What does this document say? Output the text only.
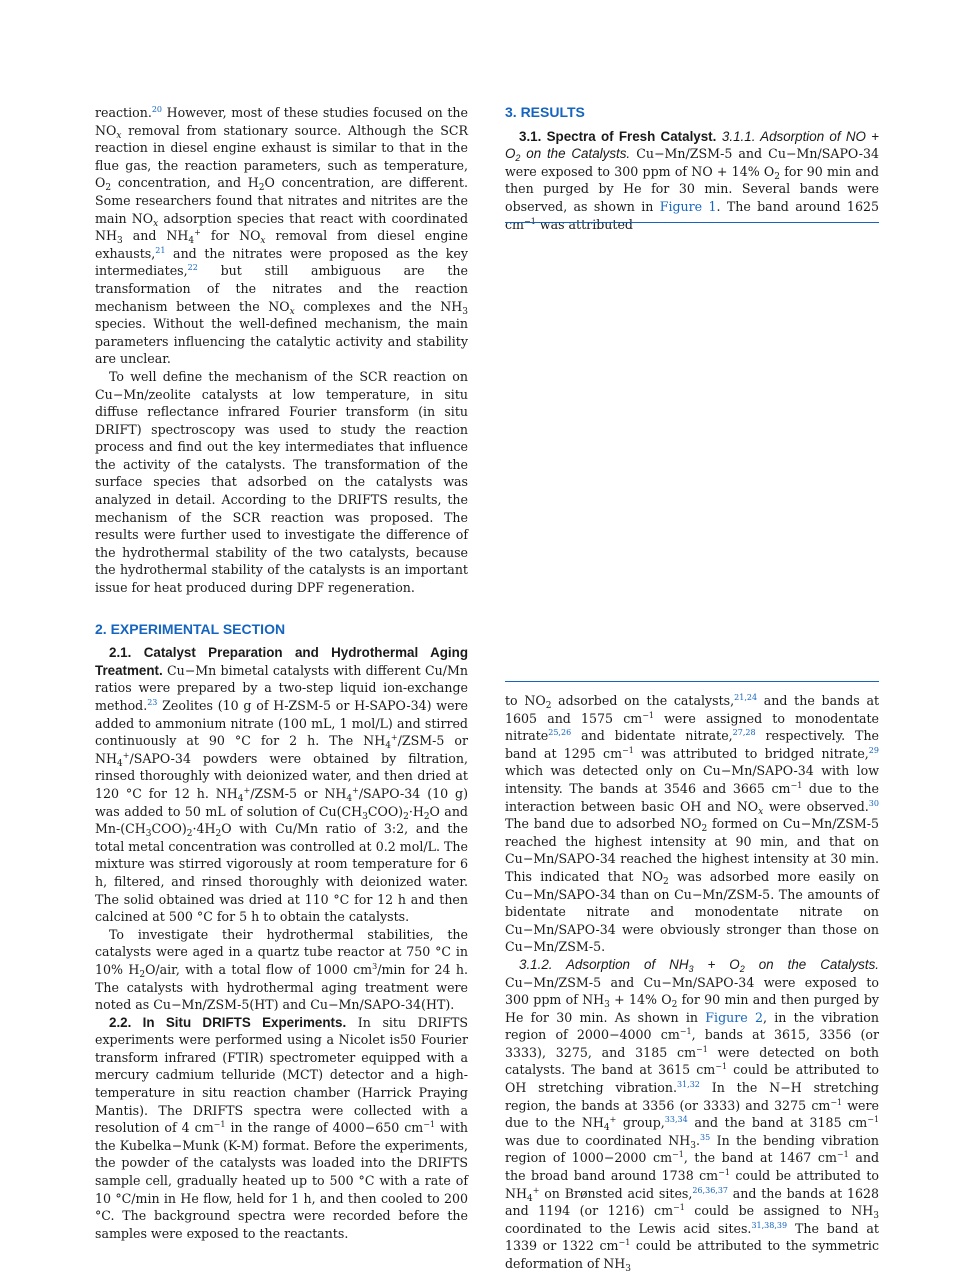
reaction.$^{20}$ However, most of these studies focused on the $NO_x$ removal from stationary source. Although the SCR reaction in diesel engine exhaust is similar to that in the flue gas, the reaction parameters, such as temperature, $O_2$ concentration, and $H_2O$ concentration, are different. Some researchers found that nitrates and nitrites are the main $NO_x$ adsorption species that react with coordinated $NH_3$ and $NH_4^+$ for $NO_x$ removal from diesel engine exhausts,$^{21}$ and the nitrates were proposed as the key intermediates,$^{22}$ but still ambiguous are the transformation of the nitrates and the reaction mechanism between the $NO_x$ complexes and the $NH_3$ species. Without the well-defined mechanism, the main parameters influencing the catalytic activity and stability are unclear.

To well define the mechanism of the SCR reaction on Cu−Mn/zeolite catalysts at low temperature, in situ diffuse reflectance infrared Fourier transform (in situ DRIFT) spectroscopy was used to study the reaction process and find out the key intermediates that influence the activity of the catalysts. The transformation of the surface species that adsorbed on the catalysts was analyzed in detail. According to the DRIFTS results, the mechanism of the SCR reaction was proposed. The results were further used to investigate the difference of the hydrothermal stability of the two catalysts, because the hydrothermal stability of the catalysts is an important issue for heat produced during DPF regeneration.

2. EXPERIMENTAL SECTION

2.1. Catalyst Preparation and Hydrothermal Aging Treatment. Cu−Mn bimetal catalysts with different Cu/Mn ratios were prepared by a two-step liquid ion-exchange method.$^{23}$ Zeolites (10 g of H-ZSM-5 or H-SAPO-34) were added to ammonium nitrate (100 mL, 1 mol/L) and stirred continuously at 90 °C for 2 h. The $NH_4^+/ZSM-5$ or $NH_4^+/SAPO-34$ powders were obtained by filtration, rinsed thoroughly with deionized water, and then dried at 120 °C for 12 h. $NH_4^+/ZSM-5$ or $NH_4^+/SAPO-34$ (10 g) was added to 50 mL of solution of $Cu(CH_3COO)_2\cdot H_2O$ and $Mn-(CH_3COO)_2\cdot 4H_2O$ with Cu/Mn ratio of 3:2, and the total metal concentration was controlled at 0.2 mol/L. The mixture was stirred vigorously at room temperature for 6 h, filtered, and rinsed thoroughly with deionized water. The solid obtained was dried at 110 °C for 12 h and then calcined at 500 °C for 5 h to obtain the catalysts.

To investigate their hydrothermal stabilities, the catalysts were aged in a quartz tube reactor at 750 °C in 10% $H_2O$/air, with a total flow of 1000 $cm^3/\min$ for 24 h. The catalysts with hydrothermal aging treatment were noted as Cu−Mn/ZSM-5(HT) and Cu−Mn/SAPO-34(HT).

2.2. In Situ DRIFTS Experiments. In situ DRIFTS experiments were performed using a Nicolet is50 Fourier transform infrared (FTIR) spectrometer equipped with a mercury cadmium telluride (MCT) detector and a high-temperature in situ reaction chamber (Harrick Praying Mantis). The DRIFTS spectra were collected with a resolution of 4 $cm^{-1}$ in the range of 4000−650 $cm^{-1}$ with the Kubelka−Munk (K-M) format. Before the experiments, the powder of the catalysts was loaded into the DRIFTS sample cell, gradually heated up to 500 °C with a rate of 10 °C/min in He flow, held for 1 h, and then cooled to 200 °C. The background spectra were recorded before the samples were exposed to the reactants.

3. RESULTS

3.1. Spectra of Fresh Catalyst. 3.1.1. Adsorption of NO + $O_2$ on the Catalysts. Cu−Mn/ZSM-5 and Cu−Mn/SAPO-34 were exposed to 300 ppm of NO + 14% $O_2$ for 90 min and then purged by He for 30 min. Several bands were observed, as shown in Figure 1. The band around 1625 $cm^{-1}$ was attributed

to $NO_2$ adsorbed on the catalysts,$^{21,24}$ and the bands at 1605 and 1575 $cm^{-1}$ were assigned to monodentate nitrate$^{25,26}$ and bidentate nitrate,$^{27,28}$ respectively. The band at 1295 $cm^{-1}$ was attributed to bridged nitrate,$^{29}$ which was detected only on Cu−Mn/SAPO-34 with low intensity. The bands at 3546 and 3665 $cm^{-1}$ due to the interaction between basic OH and $NO_x$ were observed.$^{30}$ The band due to adsorbed $NO_2$ formed on Cu−Mn/ZSM-5 reached the highest intensity at 90 min, and that on Cu−Mn/SAPO-34 reached the highest intensity at 30 min. This indicated that $NO_2$ was adsorbed more easily on Cu−Mn/SAPO-34 than on Cu−Mn/ZSM-5. The amounts of bidentate nitrate and monodentate nitrate on Cu−Mn/SAPO-34 were obviously stronger than those on Cu−Mn/ZSM-5.

3.1.2. Adsorption of $NH_3 + O_2$ on the Catalysts. Cu−Mn/ZSM-5 and Cu−Mn/SAPO-34 were exposed to 300 ppm of $NH_3 + 14\%$ $O_2$ for 90 min and then purged by He for 30 min. As shown in Figure 2, in the vibration region of 2000−4000 $cm^{-1}$, bands at 3615, 3356 (or 3333), 3275, and 3185 $cm^{-1}$ were detected on both catalysts. The band at 3615 $cm^{-1}$ could be attributed to OH stretching vibration.$^{31,32}$ In the N−H stretching region, the bands at 3356 (or 3333) and 3275 $cm^{-1}$ were due to the $NH_4^+$ group,$^{33,34}$ and the band at 3185 $cm^{-1}$ was due to coordinated $NH_3.^{35}$ In the bending vibration region of 1000−2000 $cm^{-1}$, the band at 1467 $cm^{-1}$ and the broad band around 1738 $cm^{-1}$ could be attributed to $NH_4^+$ on Brønsted acid sites,$^{26,36,37}$ and the bands at 1628 and 1194 (or 1216) $cm^{-1}$ could be assigned to $NH_3$ coordinated to the Lewis acid sites.$^{31,38,39}$ The band at 1339 or 1322 $cm^{-1}$ could be attributed to the symmetric deformation of $NH_3$
